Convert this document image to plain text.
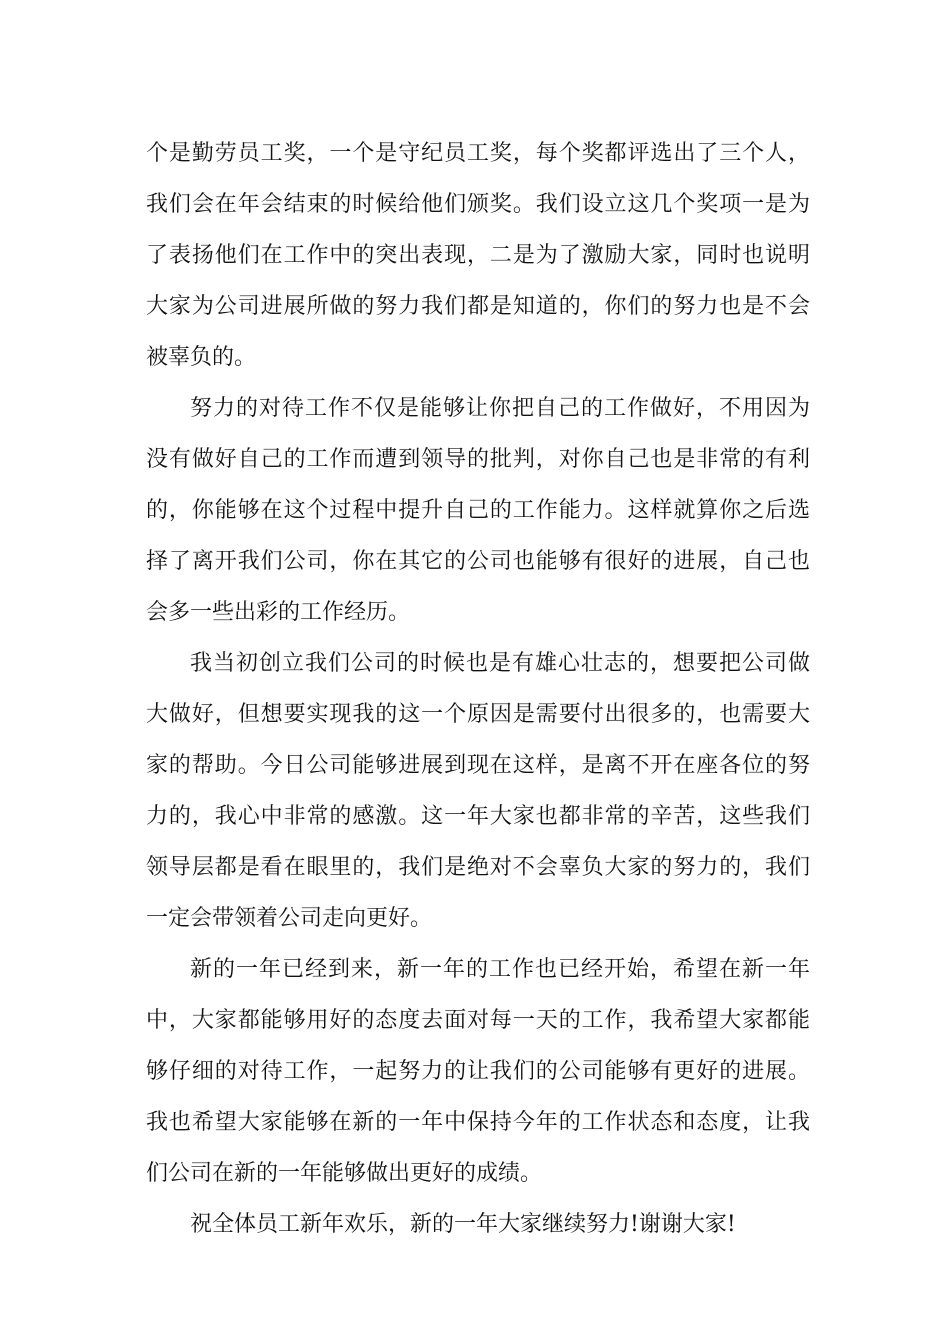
个是勤劳员工奖，一个是守纪员工奖，每个奖都评选出了三个人，
我们会在年会结束的时候给他们颁奖。我们设立这几个奖项一是为
了表扬他们在工作中的突出表现，二是为了激励大家，同时也说明
大家为公司进展所做的努力我们都是知道的，你们的努力也是不会
被辜负的。
努力的对待工作不仅是能够让你把自己的工作做好，不用因为
没有做好自己的工作而遭到领导的批判，对你自己也是非常的有利
的，你能够在这个过程中提升自己的工作能力。这样就算你之后选
择了离开我们公司，你在其它的公司也能够有很好的进展，自己也
会多一些出彩的工作经历。
我当初创立我们公司的时候也是有雄心壮志的，想要把公司做
大做好，但想要实现我的这一个原因是需要付出很多的，也需要大
家的帮助。今日公司能够进展到现在这样，是离不开在座各位的努
力的，我心中非常的感激。这一年大家也都非常的辛苦，这些我们
领导层都是看在眼里的，我们是绝对不会辜负大家的努力的，我们
一定会带领着公司走向更好。
新的一年已经到来，新一年的工作也已经开始，希望在新一年
中，大家都能够用好的态度去面对每一天的工作，我希望大家都能
够仔细的对待工作，一起努力的让我们的公司能够有更好的进展。
我也希望大家能够在新的一年中保持今年的工作状态和态度，让我
们公司在新的一年能够做出更好的成绩。
祝全体员工新年欢乐，新的一年大家继续努力!谢谢大家!
